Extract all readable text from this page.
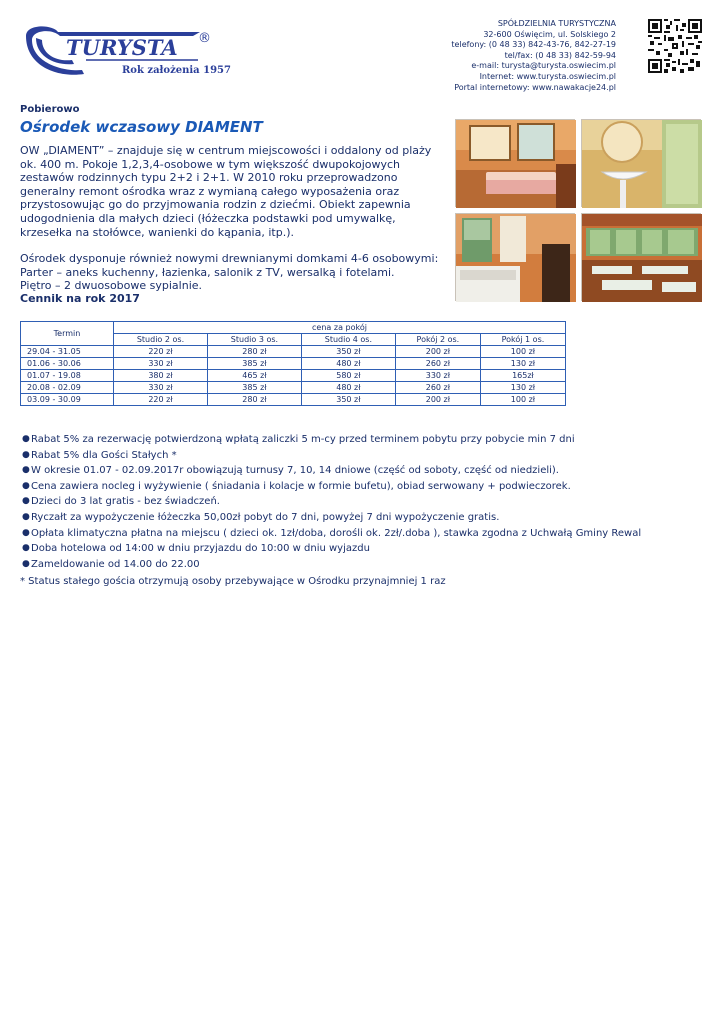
TURYSTA ®
Rok założenia 1957
SPÓŁDZIELNIA TURYSTYCZNA
32-600 Oświęcim, ul. Solskiego 2
telefony: (0 48 33) 842-43-76, 842-27-19
tel/fax: (0 48 33) 842-59-94
e-mail: turysta@turysta.oswiecim.pl
Internet: www.turysta.oswiecim.pl
Portal internetowy: www.nawakacje24.pl
Pobierowo
Ośrodek wczasowy DIAMENT

OW „DIAMENT” – znajduje się w centrum miejscowości i oddalony od plaży ok. 400 m. Pokoje 1,2,3,4-osobowe w tym większość dwupokojowych zestawów rodzinnych typu 2+2 i 2+1. W 2010 roku przeprowadzono generalny remont ośrodka wraz z wymianą całego wyposażenia oraz przystosowując go do przyjmowania rodzin z dziećmi. Obiekt zapewnia udogodnienia dla małych dzieci (łóżeczka podstawki pod umywalkę, krzesełka na stołówce, wanienki do kąpania, itp.).

Ośrodek dysponuje również nowymi drewnianymi domkami 4-6 osobowymi:

Parter – aneks kuchenny, łazienka, salonik z TV, wersalką i fotelami.

Piętro – 2 dwuosobowe sypialnie.

Cennik na rok 2017
Termin	cena za pokój				
	Studio 2 os.	Studio 3 os.	Studio 4 os.	Pokój 2 os.	Pokój 1 os.
29.04 - 31.05	220 zł	280 zł	350 zł	200 zł	100 zł
01.06 - 30.06	330 zł	385 zł	480 zł	260 zł	130 zł
01.07 - 19.08	380 zł	465 zł	580 zł	330 zł	165zł
20.08 - 02.09	330 zł	385 zł	480 zł	260 zł	130 zł
03.09 - 30.09	220 zł	280 zł	350 zł	200 zł	100 zł
● Rabat 5% za rezerwację potwierdzoną wpłatą zaliczki 5 m-cy przed terminem pobytu przy pobycie min 7 dni
● Rabat 5% dla Gości Stałych *
● W okresie 01.07 - 02.09.2017r obowiązują turnusy 7, 10, 14 dniowe (część od soboty, część od niedzieli).
● Cena zawiera nocleg i wyżywienie ( śniadania i kolacje w formie bufetu), obiad serwowany + podwieczorek.
● Dzieci do 3 lat gratis - bez świadczeń.
● Ryczałt za wypożyczenie łóżeczka 50,00zł pobyt do 7 dni, powyżej 7 dni wypożyczenie gratis.
● Opłata klimatyczna płatna na miejscu ( dzieci ok. 1zł/doba, dorośli ok. 2zł/.doba ), stawka zgodna z Uchwałą Gminy Rewal
● Doba hotelowa od 14:00 w dniu przyjazdu do 10:00 w dniu wyjazdu
● Zameldowanie od 14.00 do 22.00
* Status stałego gościa otrzymują osoby przebywające w Ośrodku przynajmniej 1 raz
